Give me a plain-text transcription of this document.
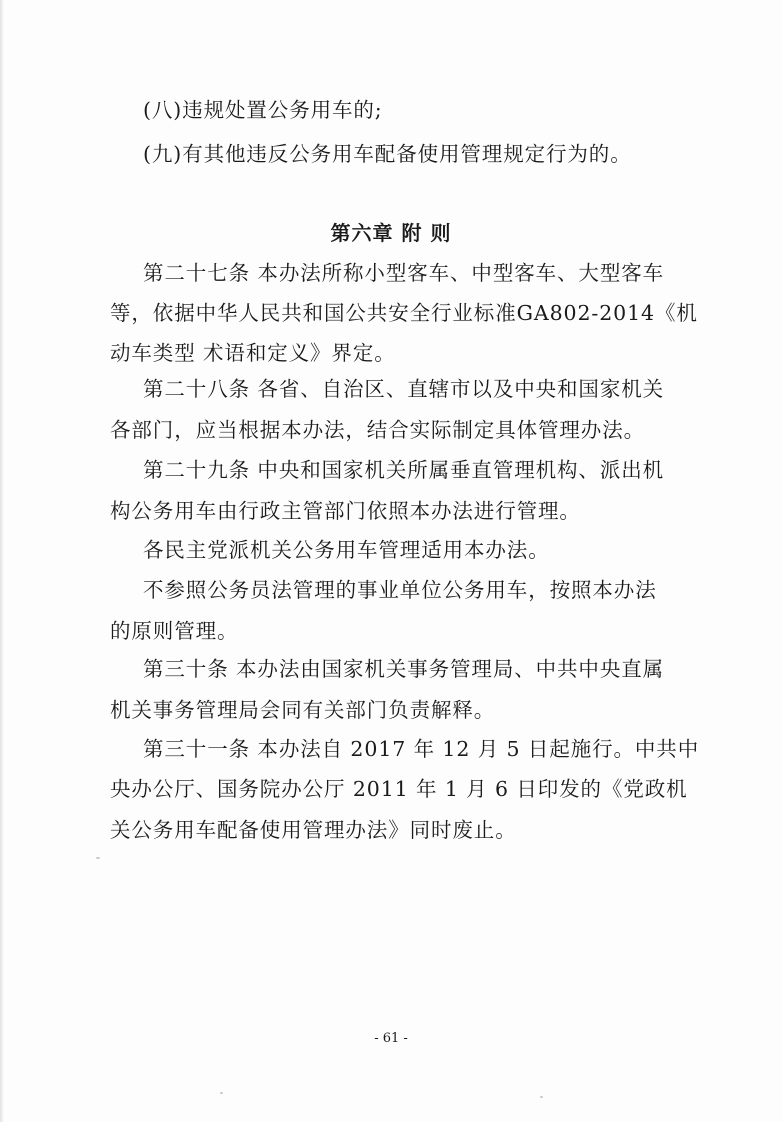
(八)违规处置公务用车的;
(九)有其他违反公务用车配备使用管理规定行为的。
第六章 附 则
第二十七条 本办法所称小型客车、中型客车、大型客车
等，依据中华人民共和国公共安全行业标准GA802-2014《机
动车类型 术语和定义》界定。
第二十八条 各省、自治区、直辖市以及中央和国家机关
各部门，应当根据本办法，结合实际制定具体管理办法。
第二十九条 中央和国家机关所属垂直管理机构、派出机
构公务用车由行政主管部门依照本办法进行管理。
各民主党派机关公务用车管理适用本办法。
不参照公务员法管理的事业单位公务用车，按照本办法
的原则管理。
第三十条 本办法由国家机关事务管理局、中共中央直属
机关事务管理局会同有关部门负责解释。
第三十一条 本办法自 2017 年 12 月 5 日起施行。中共中
央办公厅、国务院办公厅 2011 年 1 月 6 日印发的《党政机
关公务用车配备使用管理办法》同时废止。
- 61 -
